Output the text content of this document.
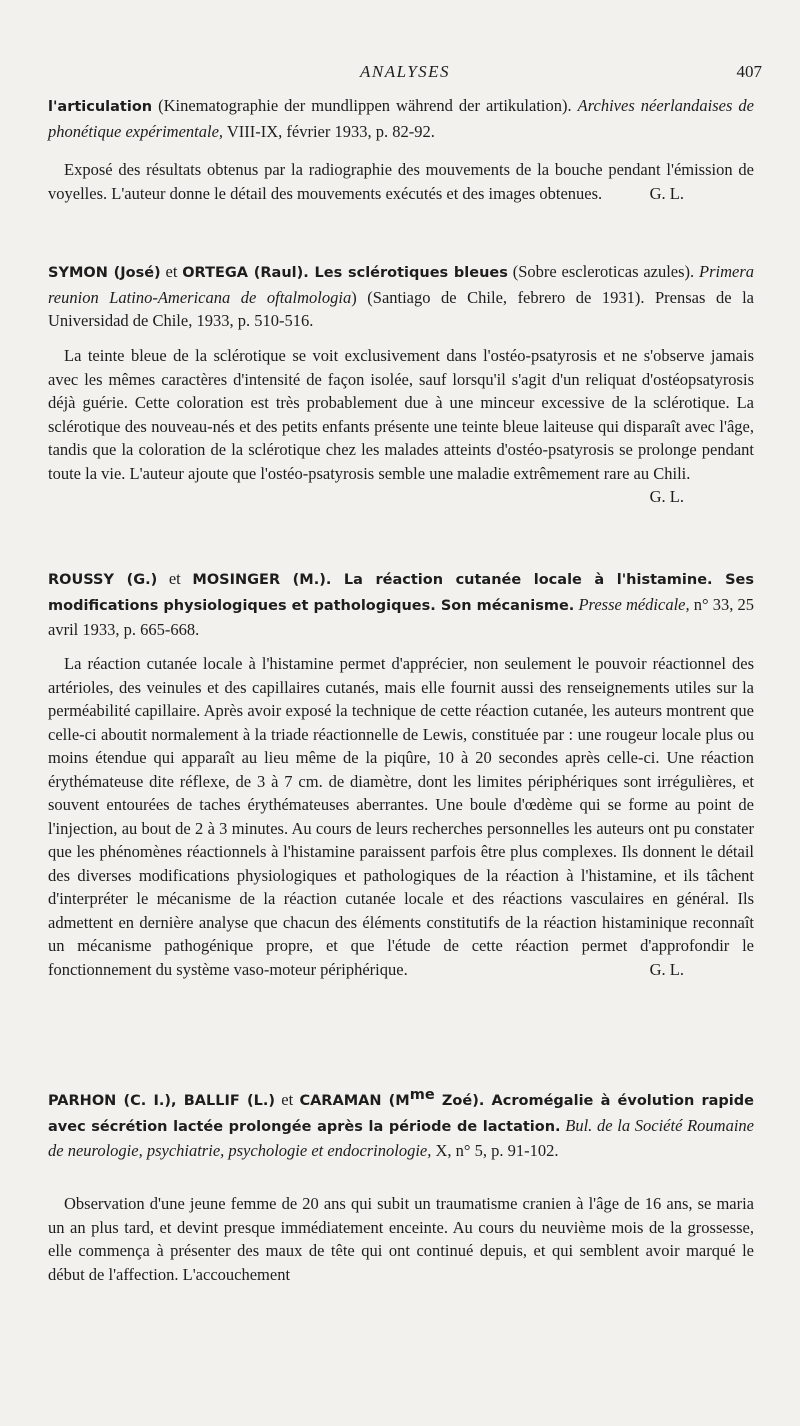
ANALYSES	407
l'articulation (Kinematographie der mundlippen während der artikulation). Archives néerlandaises de phonétique expérimentale, VIII-IX, février 1933, p. 82-92.
Exposé des résultats obtenus par la radiographie des mouvements de la bouche pendant l'émission de voyelles. L'auteur donne le détail des mouvements exécutés et des images obtenues.	G. L.
SYMON (José) et ORTEGA (Raul). Les sclérotiques bleues (Sobre escleroticas azules). Primera reunion Latino-Americana de oftalmologia) (Santiago de Chile, febrero de 1931). Prensas de la Universidad de Chile, 1933, p. 510-516.
La teinte bleue de la sclérotique se voit exclusivement dans l'ostéo-psatyrosis et ne s'observe jamais avec les mêmes caractères d'intensité de façon isolée, sauf lorsqu'il s'agit d'un reliquat d'ostéopsatyrosis déjà guérie. Cette coloration est très probablement due à une minceur excessive de la sclérotique. La sclérotique des nouveau-nés et des petits enfants présente une teinte bleue laiteuse qui disparaît avec l'âge, tandis que la coloration de la sclérotique chez les malades atteints d'ostéo-psatyrosis se prolonge pendant toute la vie. L'auteur ajoute que l'ostéo-psatyrosis semble une maladie extrêmement rare au Chili.
G. L.
ROUSSY (G.) et MOSINGER (M.). La réaction cutanée locale à l'histamine. Ses modifications physiologiques et pathologiques. Son mécanisme. Presse médicale, n° 33, 25 avril 1933, p. 665-668.
La réaction cutanée locale à l'histamine permet d'apprécier, non seulement le pouvoir réactionnel des artérioles, des veinules et des capillaires cutanés, mais elle fournit aussi des renseignements utiles sur la perméabilité capillaire. Après avoir exposé la technique de cette réaction cutanée, les auteurs montrent que celle-ci aboutit normalement à la triade réactionnelle de Lewis, constituée par : une rougeur locale plus ou moins étendue qui apparaît au lieu même de la piqûre, 10 à 20 secondes après celle-ci. Une réaction érythémateuse dite réflexe, de 3 à 7 cm. de diamètre, dont les limites périphériques sont irrégulières, et souvent entourées de taches érythémateuses aberrantes. Une boule d'œdème qui se forme au point de l'injection, au bout de 2 à 3 minutes. Au cours de leurs recherches personnelles les auteurs ont pu constater que les phénomènes réactionnels à l'histamine paraissent parfois être plus complexes. Ils donnent le détail des diverses modifications physiologiques et pathologiques de la réaction à l'histamine, et ils tâchent d'interpréter le mécanisme de la réaction cutanée locale et des réactions vasculaires en général. Ils admettent en dernière analyse que chacun des éléments constitutifs de la réaction histaminique reconnaît un mécanisme pathogénique propre, et que l'étude de cette réaction permet d'approfondir le fonctionnement du système vaso-moteur périphérique.	G. L.
PARHON (C. I.), BALLIF (L.) et CARAMAN (Mme Zoé). Acromégalie à évolution rapide avec sécrétion lactée prolongée après la période de lactation. Bul. de la Société Roumaine de neurologie, psychiatrie, psychologie et endocrinologie, X, n° 5, p. 91-102.
Observation d'une jeune femme de 20 ans qui subit un traumatisme cranien à l'âge de 16 ans, se maria un an plus tard, et devint presque immédiatement enceinte. Au cours du neuvième mois de la grossesse, elle commença à présenter des maux de tête qui ont continué depuis, et qui semblent avoir marqué le début de l'affection. L'accouchement
